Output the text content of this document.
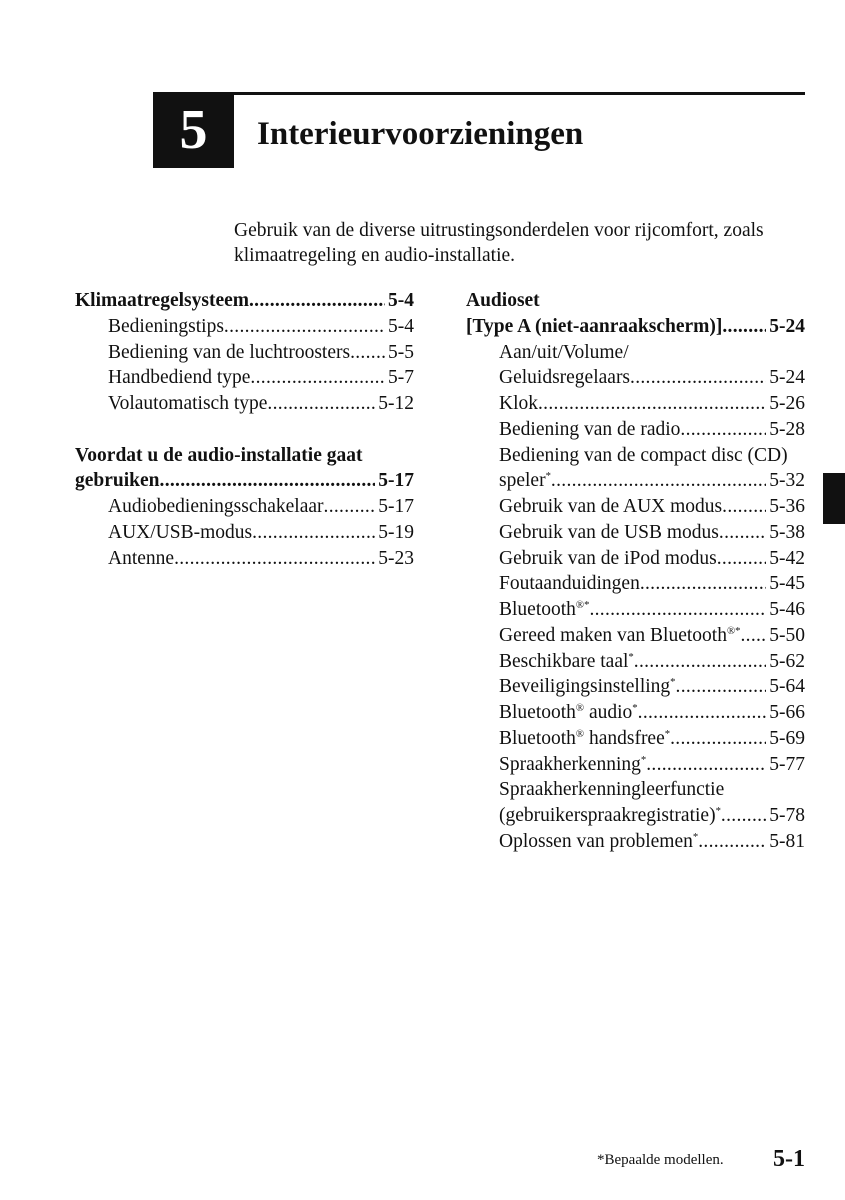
5	Interieurvoorzieningen

Gebruik van de diverse uitrustingsonderdelen voor rijcomfort, zoals klimaatregeling en audio-installatie.

Klimaatregelsysteem .....	5-4
Bedieningstips .....	5-4
Bediening van de luchtroosters ..... 5-5
Handbediend type .....	5-7
Volautomatisch type .....	5-12
Voordat u de audio-installatie gaat
gebruiken .....	5-17
Audiobedieningsschakelaar .....	5-17
AUX/USB-modus .....	5-19
Antenne .....	5-23
Audioset
[Type A (niet-aanraakscherm)] ..... 5-24
Aan/uit/Volume/
Geluidsregelaars .....	5-24
Klok .....	5-26
Bediening van de radio .....	5-28
Bediening van de compact disc (CD)
speler* .....	5-32
Gebruik van de AUX modus ..... 5-36
Gebruik van de USB modus .....	5-38
Gebruik van de iPod modus .....	5-42
Foutaanduidingen .....	5-45
Bluetooth®* .....	5-46
Gereed maken van Bluetooth®* ..... 5-50
Beschikbare taal* .....	5-62
Beveiligingsinstelling* .....	5-64
Bluetooth® audio* .....	5-66
Bluetooth® handsfree* .....	5-69
Spraakherkenning* .....	5-77
Spraakherkenningleerfunctie
(gebruikerspraakregistratie)* ..... 5-78
Oplossen van problemen* .....	5-81
*Bepaalde modellen. 5-1
